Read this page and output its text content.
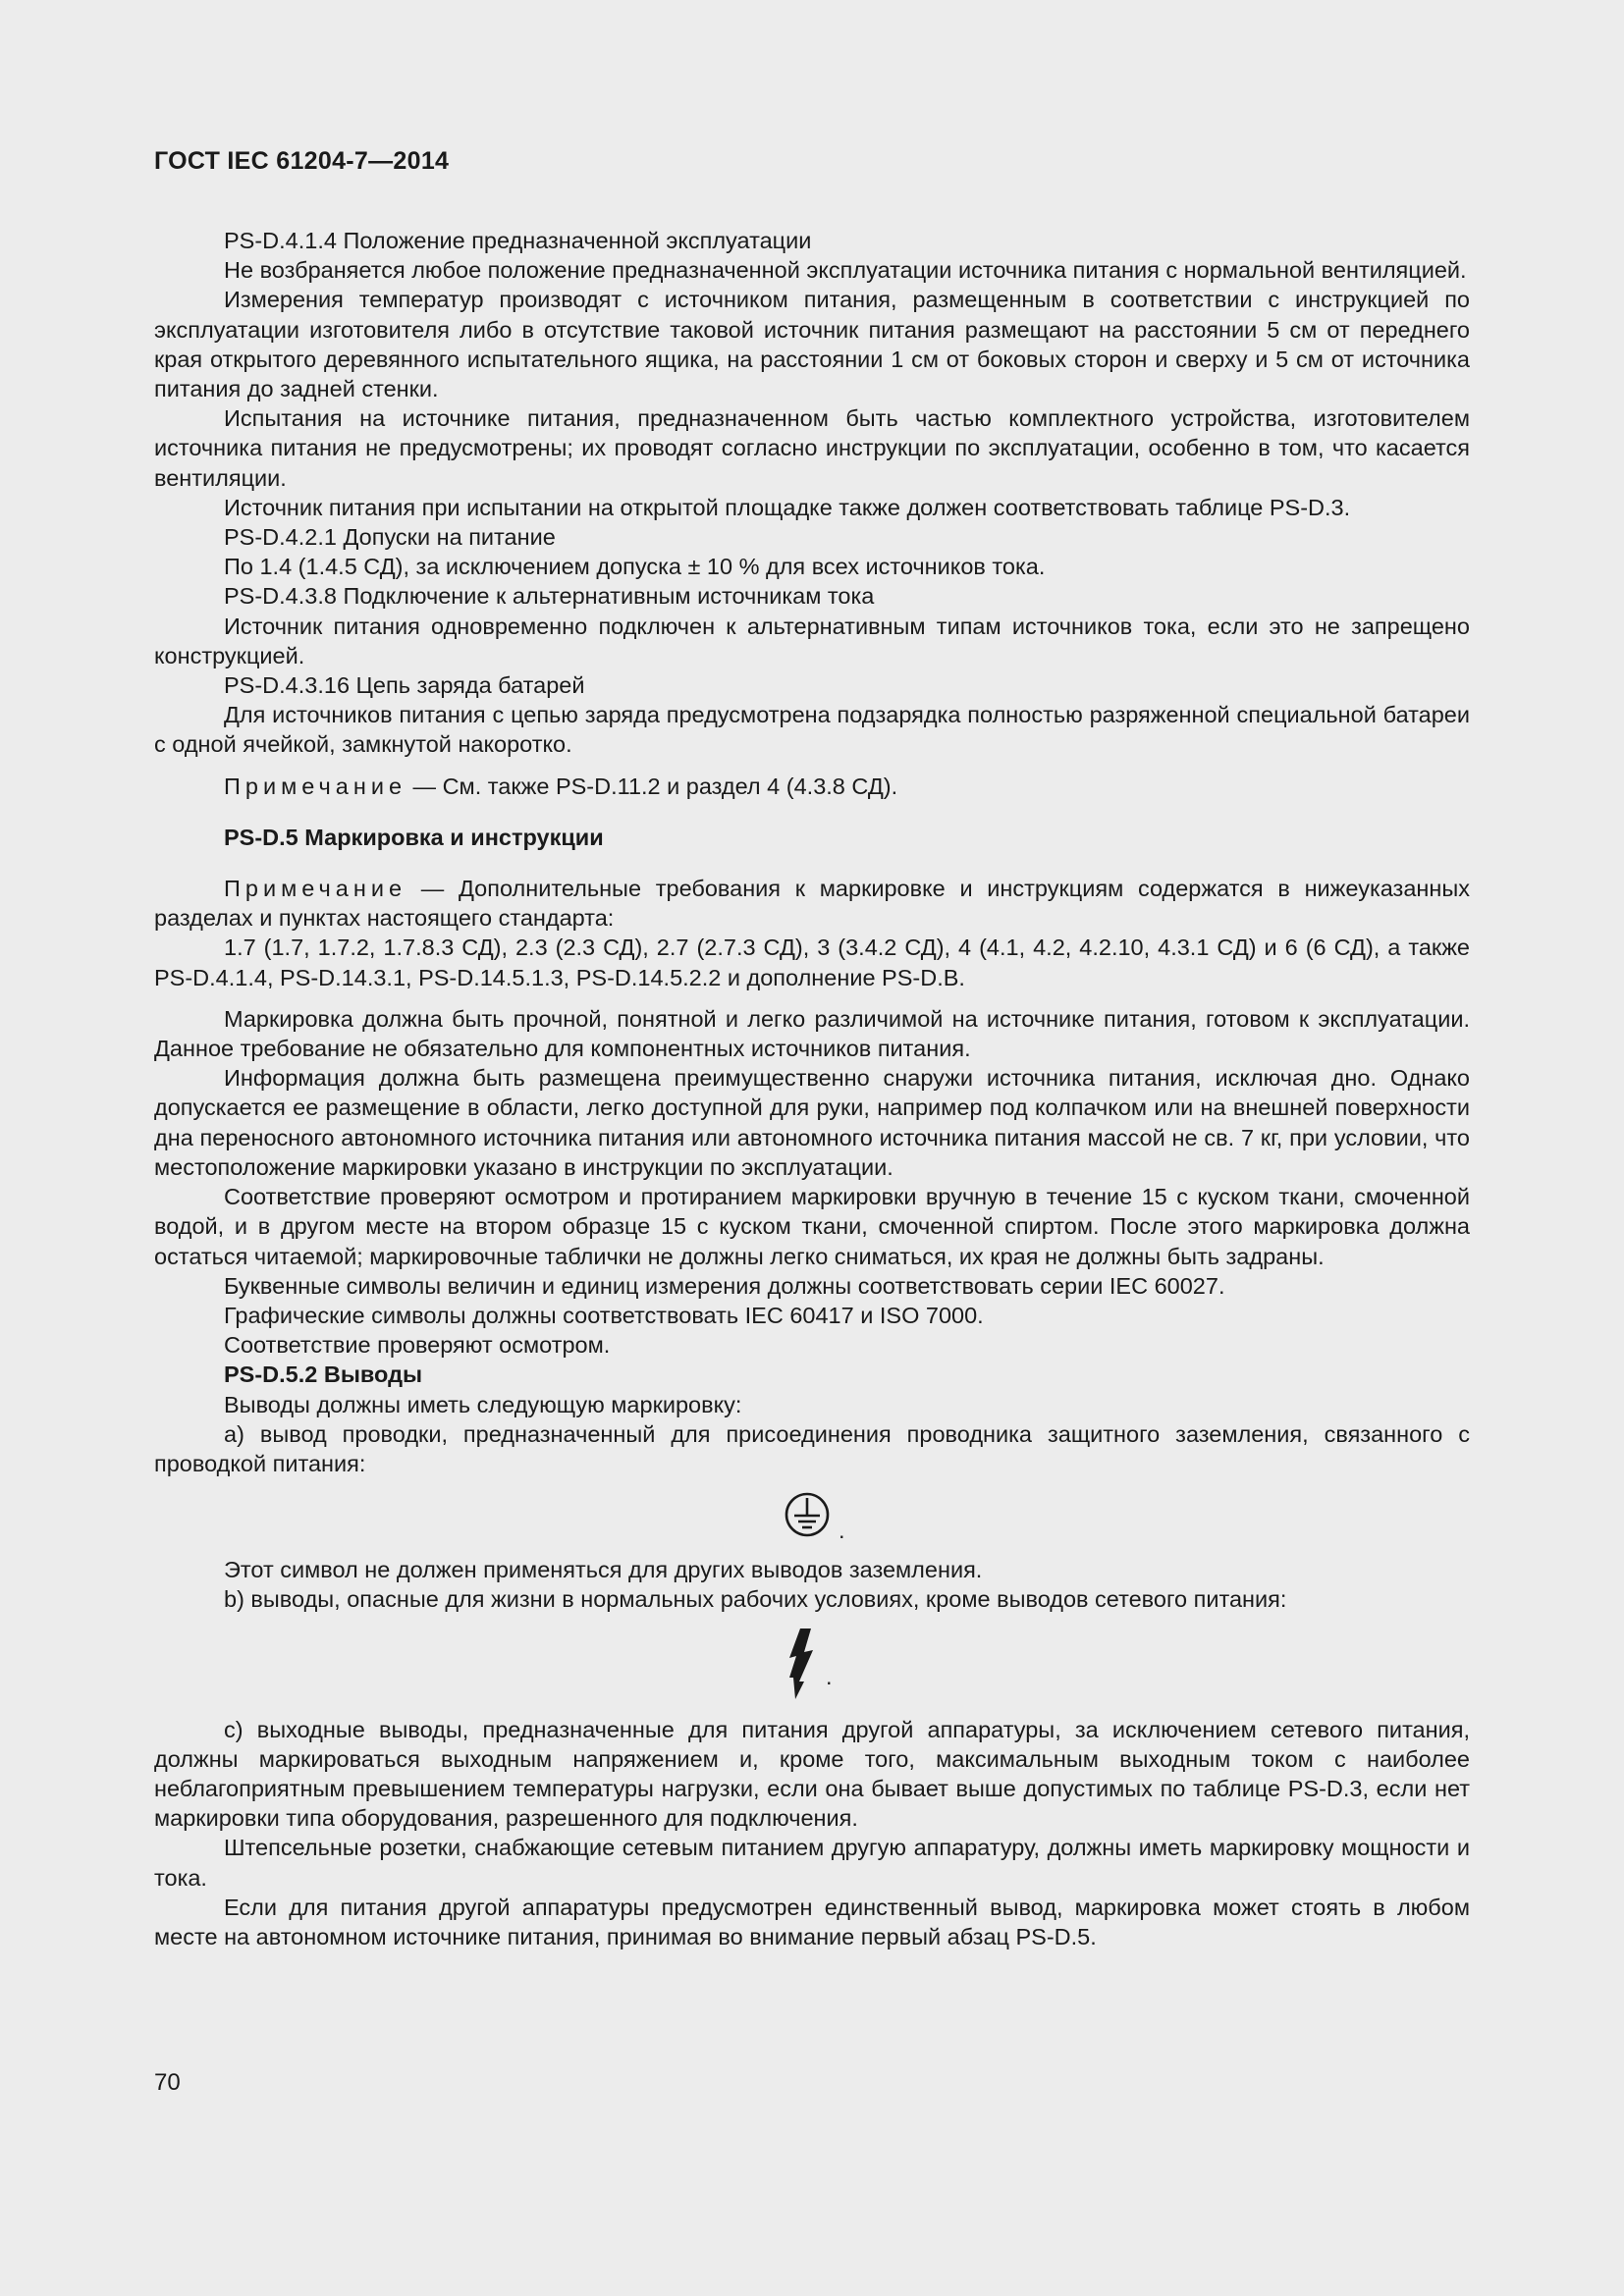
ГОСТ IEC 61204-7—2014

PS-D.4.1.4 Положение предназначенной эксплуатации

Не возбраняется любое положение предназначенной эксплуатации источника питания с нормальной вентиляцией.

Измерения температур производят с источником питания, размещенным в соответствии с инструкцией по эксплуатации изготовителя либо в отсутствие таковой источник питания размещают на расстоянии 5 см от переднего края открытого деревянного испытательного ящика, на расстоянии 1 см от боковых сторон и сверху и 5 см от источника питания до задней стенки.

Испытания на источнике питания, предназначенном быть частью комплектного устройства, изготовителем источника питания не предусмотрены; их проводят согласно инструкции по эксплуатации, особенно в том, что касается вентиляции.

Источник питания при испытании на открытой площадке также должен соответствовать таблице PS-D.3.

PS-D.4.2.1 Допуски на питание

По 1.4 (1.4.5 СД), за исключением допуска ± 10 % для всех источников тока.

PS-D.4.3.8 Подключение к альтернативным источникам тока

Источник питания одновременно подключен к альтернативным типам источников тока, если это не запрещено конструкцией.

PS-D.4.3.16 Цепь заряда батарей

Для источников питания с цепью заряда предусмотрена подзарядка полностью разряженной специальной батареи с одной ячейкой, замкнутой накоротко.

Примечание — См. также PS-D.11.2 и раздел 4 (4.3.8 СД).

PS-D.5 Маркировка и инструкции

Примечание — Дополнительные требования к маркировке и инструкциям содержатся в нижеуказанных разделах и пунктах настоящего стандарта:

1.7 (1.7, 1.7.2, 1.7.8.3 СД), 2.3 (2.3 СД), 2.7 (2.7.3 СД), 3 (3.4.2 СД), 4 (4.1, 4.2, 4.2.10, 4.3.1 СД) и 6 (6 СД), а также PS-D.4.1.4, PS-D.14.3.1, PS-D.14.5.1.3, PS-D.14.5.2.2 и дополнение PS-D.B.

Маркировка должна быть прочной, понятной и легко различимой на источнике питания, готовом к эксплуатации. Данное требование не обязательно для компонентных источников питания.

Информация должна быть размещена преимущественно снаружи источника питания, исключая дно. Однако допускается ее размещение в области, легко доступной для руки, например под колпачком или на внешней поверхности дна переносного автономного источника питания или автономного источника питания массой не св. 7 кг, при условии, что местоположение маркировки указано в инструкции по эксплуатации.

Соответствие проверяют осмотром и протиранием маркировки вручную в течение 15 с куском ткани, смоченной водой, и в другом месте на втором образце 15 с куском ткани, смоченной спиртом. После этого маркировка должна остаться читаемой; маркировочные таблички не должны легко сниматься, их края не должны быть задраны.

Буквенные символы величин и единиц измерения должны соответствовать серии IEC 60027.

Графические символы должны соответствовать IEC 60417 и ISO 7000.

Соответствие проверяют осмотром.

PS-D.5.2 Выводы

Выводы должны иметь следующую маркировку:

a) вывод проводки, предназначенный для присоединения проводника защитного заземления, связанного с проводкой питания:

.

Этот символ не должен применяться для других выводов заземления.

b) выводы, опасные для жизни в нормальных рабочих условиях, кроме выводов сетевого питания:

.

c) выходные выводы, предназначенные для питания другой аппаратуры, за исключением сетевого питания, должны маркироваться выходным напряжением и, кроме того, максимальным выходным током с наиболее неблагоприятным превышением температуры нагрузки, если она бывает выше допустимых по таблице PS-D.3, если нет маркировки типа оборудования, разрешенного для подключения.

Штепсельные розетки, снабжающие сетевым питанием другую аппаратуру, должны иметь маркировку мощности и тока.

Если для питания другой аппаратуры предусмотрен единственный вывод, маркировка может стоять в любом месте на автономном источнике питания, принимая во внимание первый абзац PS-D.5.

70
